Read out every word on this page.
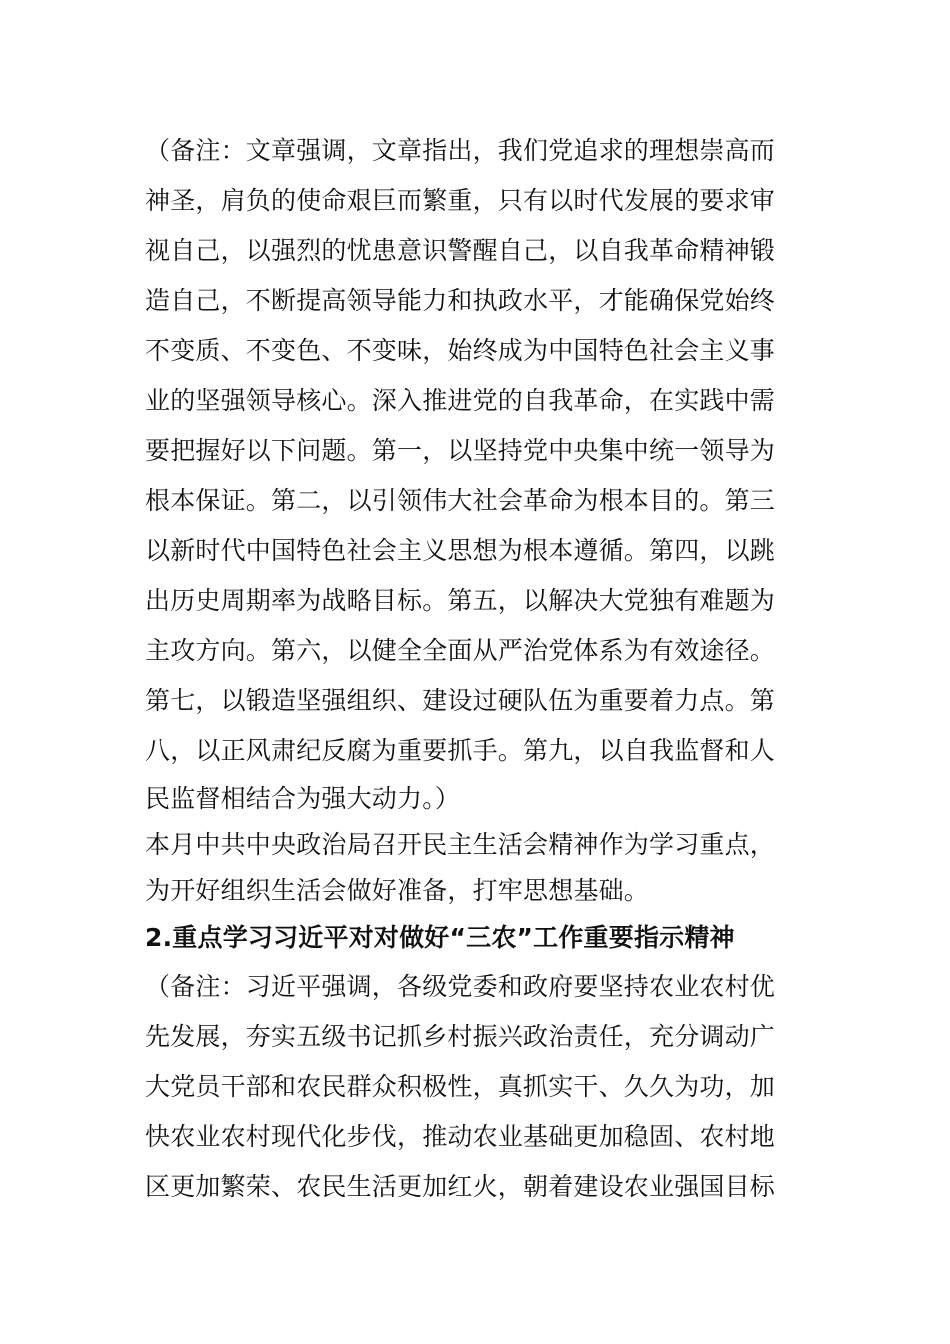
（备注：文章强调，文章指出，我们党追求的理想崇高而
神圣，肩负的使命艰巨而繁重，只有以时代发展的要求审
视自己，以强烈的忧患意识警醒自己，以自我革命精神锻
造自己，不断提高领导能力和执政水平，才能确保党始终
不变质、不变色、不变味，始终成为中国特色社会主义事
业的坚强领导核心。深入推进党的自我革命，在实践中需
要把握好以下问题。第一，以坚持党中央集中统一领导为
根本保证。第二，以引领伟大社会革命为根本目的。第三
以新时代中国特色社会主义思想为根本遵循。第四，以跳
出历史周期率为战略目标。第五，以解决大党独有难题为
主攻方向。第六，以健全全面从严治党体系为有效途径。
第七，以锻造坚强组织、建设过硬队伍为重要着力点。第
八，以正风肃纪反腐为重要抓手。第九，以自我监督和人
民监督相结合为强大动力。）
本月中共中央政治局召开民主生活会精神作为学习重点，
为开好组织生活会做好准备，打牢思想基础。
2.重点学习习近平对对做好“三农”工作重要指示精神
（备注：习近平强调，各级党委和政府要坚持农业农村优
先发展，夯实五级书记抓乡村振兴政治责任，充分调动广
大党员干部和农民群众积极性，真抓实干、久久为功，加
快农业农村现代化步伐，推动农业基础更加稳固、农村地
区更加繁荣、农民生活更加红火，朝着建设农业强国目标
